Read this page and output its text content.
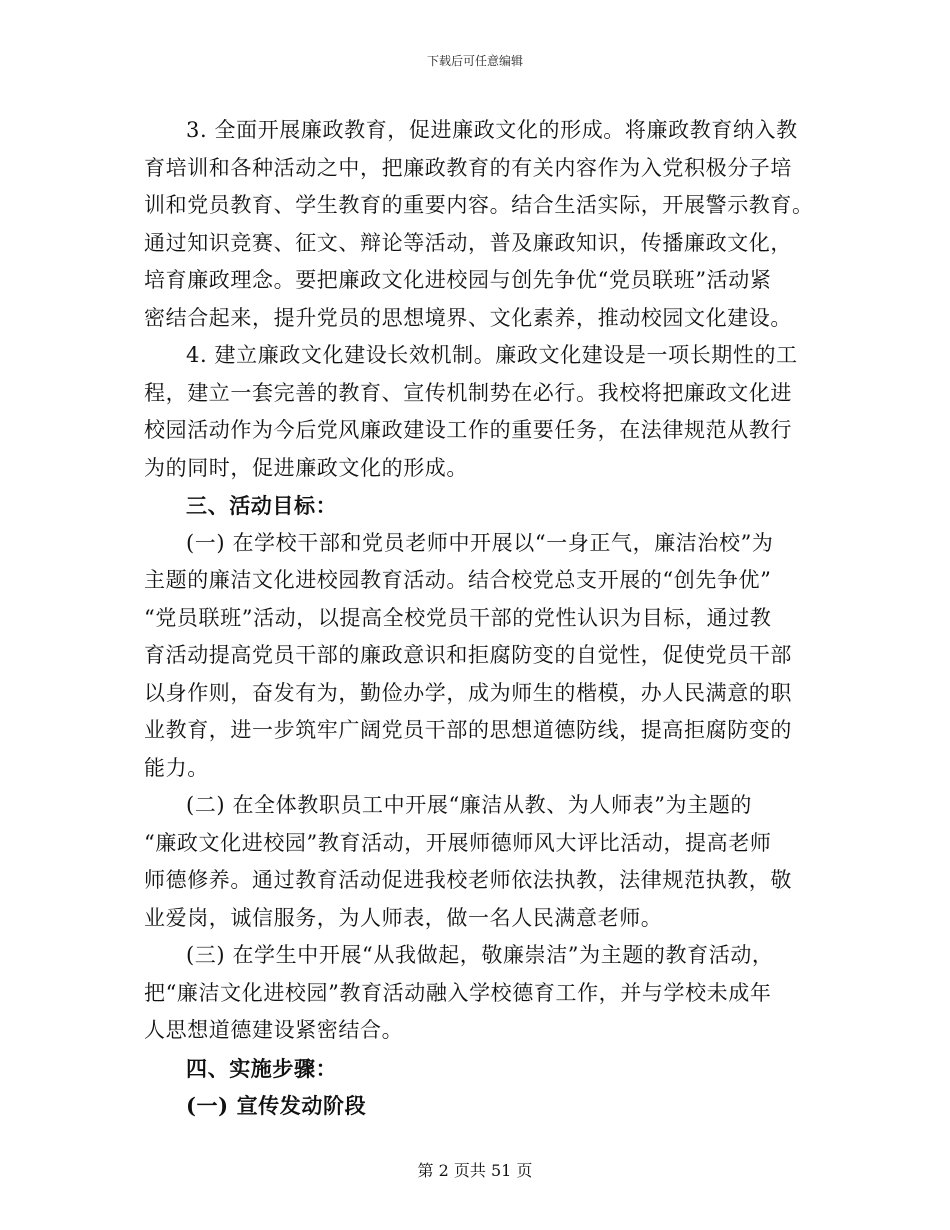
下载后可任意编辑
3. 全面开展廉政教育，促进廉政文化的形成。将廉政教育纳入教
育培训和各种活动之中，把廉政教育的有关内容作为入党积极分子培
训和党员教育、学生教育的重要内容。结合生活实际，开展警示教育。
通过知识竞赛、征文、辩论等活动，普及廉政知识，传播廉政文化，
培育廉政理念。要把廉政文化进校园与创先争优“党员联班”活动紧
密结合起来，提升党员的思想境界、文化素养，推动校园文化建设。
4. 建立廉政文化建设长效机制。廉政文化建设是一项长期性的工
程，建立一套完善的教育、宣传机制势在必行。我校将把廉政文化进
校园活动作为今后党风廉政建设工作的重要任务，在法律规范从教行
为的同时，促进廉政文化的形成。
三、活动目标：
(一) 在学校干部和党员老师中开展以“一身正气，廉洁治校”为
主题的廉洁文化进校园教育活动。结合校党总支开展的“创先争优”
“党员联班”活动，以提高全校党员干部的党性认识为目标，通过教
育活动提高党员干部的廉政意识和拒腐防变的自觉性，促使党员干部
以身作则，奋发有为，勤俭办学，成为师生的楷模，办人民满意的职
业教育，进一步筑牢广阔党员干部的思想道德防线，提高拒腐防变的
能力。
(二) 在全体教职员工中开展“廉洁从教、为人师表”为主题的
“廉政文化进校园”教育活动，开展师德师风大评比活动，提高老师
师德修养。通过教育活动促进我校老师依法执教，法律规范执教，敬
业爱岗，诚信服务，为人师表，做一名人民满意老师。
(三) 在学生中开展“从我做起，敬廉崇洁”为主题的教育活动，
把“廉洁文化进校园”教育活动融入学校德育工作，并与学校未成年
人思想道德建设紧密结合。
四、实施步骤：
(一) 宣传发动阶段
第 2 页共 51 页
